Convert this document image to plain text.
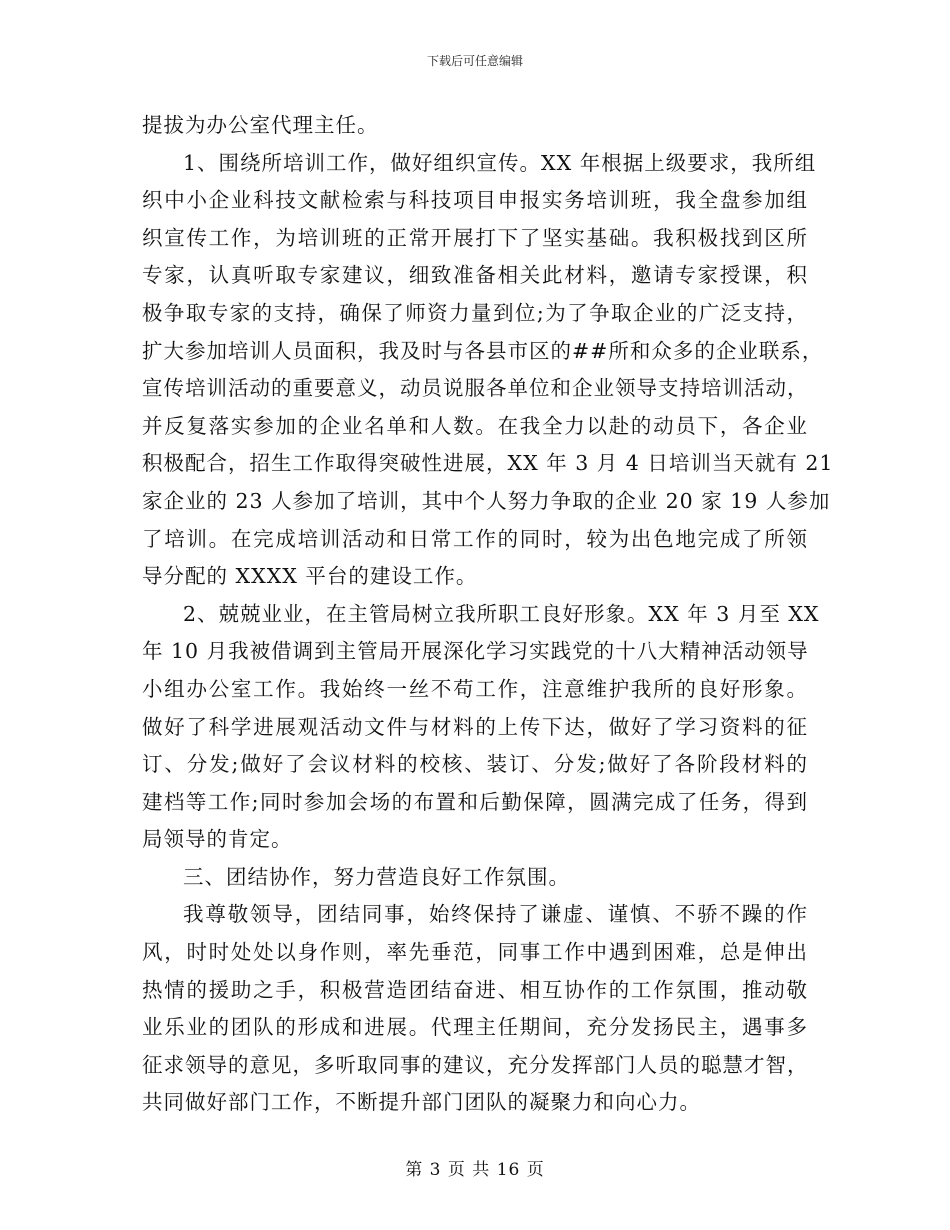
下载后可任意编辑
提拔为办公室代理主任。
1、围绕所培训工作，做好组织宣传。XX 年根据上级要求，我所组
织中小企业科技文献检索与科技项目申报实务培训班，我全盘参加组
织宣传工作，为培训班的正常开展打下了坚实基础。我积极找到区所
专家，认真听取专家建议，细致准备相关此材料，邀请专家授课，积
极争取专家的支持，确保了师资力量到位;为了争取企业的广泛支持，
扩大参加培训人员面积，我及时与各县市区的##所和众多的企业联系，
宣传培训活动的重要意义，动员说服各单位和企业领导支持培训活动，
并反复落实参加的企业名单和人数。在我全力以赴的动员下，各企业
积极配合，招生工作取得突破性进展，XX 年 3 月 4 日培训当天就有 21
家企业的 23 人参加了培训，其中个人努力争取的企业 20 家 19 人参加
了培训。在完成培训活动和日常工作的同时，较为出色地完成了所领
导分配的 XXXX 平台的建设工作。
2、兢兢业业，在主管局树立我所职工良好形象。XX 年 3 月至 XX
年 10 月我被借调到主管局开展深化学习实践党的十八大精神活动领导
小组办公室工作。我始终一丝不苟工作，注意维护我所的良好形象。
做好了科学进展观活动文件与材料的上传下达，做好了学习资料的征
订、分发;做好了会议材料的校核、装订、分发;做好了各阶段材料的
建档等工作;同时参加会场的布置和后勤保障，圆满完成了任务，得到
局领导的肯定。
三、团结协作，努力营造良好工作氛围。
我尊敬领导，团结同事，始终保持了谦虚、谨慎、不骄不躁的作
风，时时处处以身作则，率先垂范，同事工作中遇到困难，总是伸出
热情的援助之手，积极营造团结奋进、相互协作的工作氛围，推动敬
业乐业的团队的形成和进展。代理主任期间，充分发扬民主，遇事多
征求领导的意见，多听取同事的建议，充分发挥部门人员的聪慧才智，
共同做好部门工作，不断提升部门团队的凝聚力和向心力。
第 3 页 共 16 页
